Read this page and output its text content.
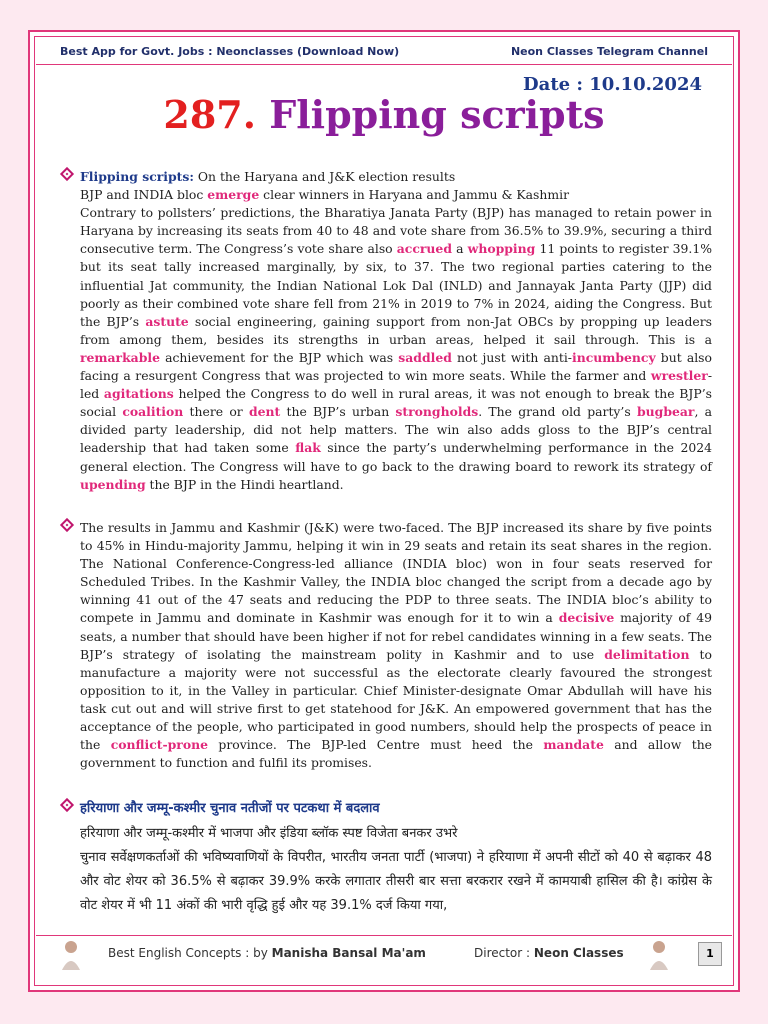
Best App for Govt. Jobs : Neonclasses (Download Now)	Neon Classes Telegram Channel
Date : 10.10.2024
287. Flipping scripts
Flipping scripts: On the Haryana and J&K election results
BJP and INDIA bloc emerge clear winners in Haryana and Jammu & Kashmir
Contrary to pollsters’ predictions, the Bharatiya Janata Party (BJP) has managed to retain power in Haryana by increasing its seats from 40 to 48 and vote share from 36.5% to 39.9%, securing a third consecutive term. The Congress’s vote share also accrued a whopping 11 points to register 39.1% but its seat tally increased marginally, by six, to 37. The two regional parties catering to the influential Jat community, the Indian National Lok Dal (INLD) and Jannayak Janta Party (JJP) did poorly as their combined vote share fell from 21% in 2019 to 7% in 2024, aiding the Congress. But the BJP’s astute social engineering, gaining support from non-Jat OBCs by propping up leaders from among them, besides its strengths in urban areas, helped it sail through. This is a remarkable achievement for the BJP which was saddled not just with anti-incumbency but also facing a resurgent Congress that was projected to win more seats. While the farmer and wrestler-led agitations helped the Congress to do well in rural areas, it was not enough to break the BJP’s social coalition there or dent the BJP’s urban strongholds. The grand old party’s bugbear, a divided party leadership, did not help matters. The win also adds gloss to the BJP’s central leadership that had taken some flak since the party’s underwhelming performance in the 2024 general election. The Congress will have to go back to the drawing board to rework its strategy of upending the BJP in the Hindi heartland.
The results in Jammu and Kashmir (J&K) were two-faced. The BJP increased its share by five points to 45% in Hindu-majority Jammu, helping it win in 29 seats and retain its seat shares in the region. The National Conference-Congress-led alliance (INDIA bloc) won in four seats reserved for Scheduled Tribes. In the Kashmir Valley, the INDIA bloc changed the script from a decade ago by winning 41 out of the 47 seats and reducing the PDP to three seats. The INDIA bloc’s ability to compete in Jammu and dominate in Kashmir was enough for it to win a decisive majority of 49 seats, a number that should have been higher if not for rebel candidates winning in a few seats. The BJP’s strategy of isolating the mainstream polity in Kashmir and to use delimitation to manufacture a majority were not successful as the electorate clearly favoured the strongest opposition to it, in the Valley in particular. Chief Minister-designate Omar Abdullah will have his task cut out and will strive first to get statehood for J&K. An empowered government that has the acceptance of the people, who participated in good numbers, should help the prospects of peace in the conflict-prone province. The BJP-led Centre must heed the mandate and allow the government to function and fulfil its promises.
हरियाणा और जम्मू-कश्मीर चुनाव नतीजों पर पटकथा में बदलाव
हरियाणा और जम्मू-कश्मीर में भाजपा और इंडिया ब्लॉक स्पष्ट विजेता बनकर उभरे
चुनाव सर्वेक्षणकर्ताओं की भविष्यवाणियों के विपरीत, भारतीय जनता पार्टी (भाजपा) ने हरियाणा में अपनी सीटों को 40 से बढ़ाकर 48 और वोट शेयर को 36.5% से बढ़ाकर 39.9% करके लगातार तीसरी बार सत्ता बरकरार रखने में कामयाबी हासिल की है। कांग्रेस के वोट शेयर में भी 11 अंकों की भारी वृद्धि हुई और यह 39.1% दर्ज किया गया,
Best English Concepts : by Manisha Bansal Ma'am	Director : Neon Classes	1
